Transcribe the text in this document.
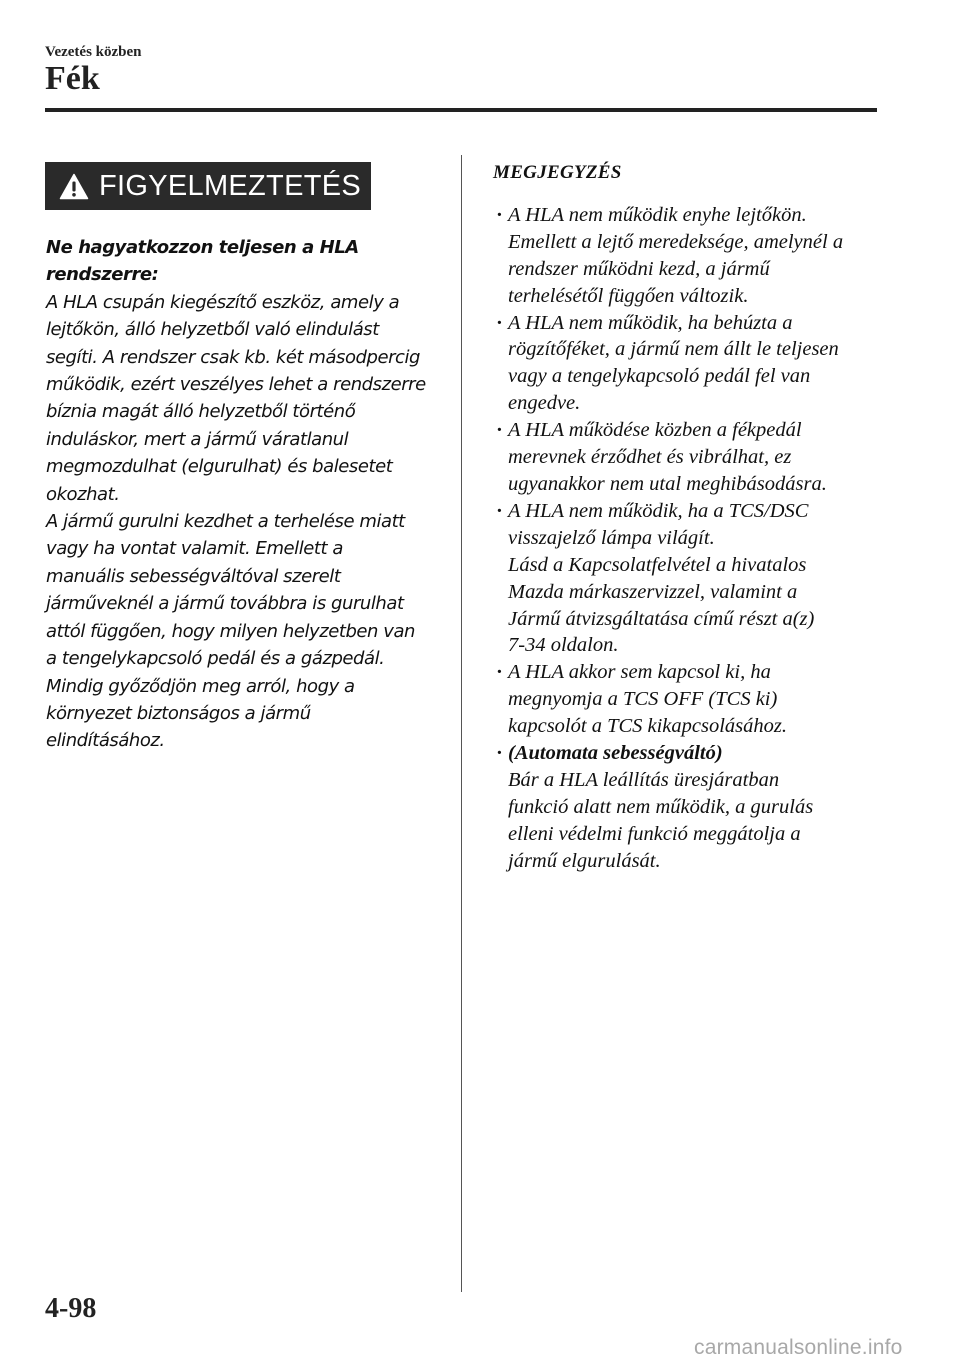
Vezetés közben
Fék
FIGYELMEZTETÉS

Ne hagyatkozzon teljesen a HLA
rendszerre:

A HLA csupán kiegészítő eszköz, amely a
lejtőkön, álló helyzetből való elindulást
segíti. A rendszer csak kb. két másodpercig
működik, ezért veszélyes lehet a rendszerre
bíznia magát álló helyzetből történő
induláskor, mert a jármű váratlanul
megmozdulhat (elgurulhat) és balesetet
okozhat.

A jármű gurulni kezdhet a terhelése miatt
vagy ha vontat valamit. Emellett a
manuális sebességváltóval szerelt
járműveknél a jármű továbbra is gurulhat
attól függően, hogy milyen helyzetben van
a tengelykapcsoló pedál és a gázpedál.
Mindig győződjön meg arról, hogy a
környezet biztonságos a jármű
elindításához.

MEGJEGYZÉS
· A HLA nem működik enyhe lejtőkön.
Emellett a lejtő meredeksége, amelynél a
rendszer működni kezd, a jármű
terhelésétől függően változik.
· A HLA nem működik, ha behúzta a
rögzítőféket, a jármű nem állt le teljesen
vagy a tengelykapcsoló pedál fel van
engedve.
· A HLA működése közben a fékpedál
merevnek érződhet és vibrálhat, ez
ugyanakkor nem utal meghibásodásra.
· A HLA nem működik, ha a TCS/DSC
visszajelző lámpa világít.
Lásd a Kapcsolatfelvétel a hivatalos
Mazda márkaszervizzel, valamint a
Jármű átvizsgáltatása című részt a(z)
7-34 oldalon.
· A HLA akkor sem kapcsol ki, ha
megnyomja a TCS OFF (TCS ki)
kapcsolót a TCS kikapcsolásához.
· (Automata sebességváltó)
Bár a HLA leállítás üresjáratban
funkció alatt nem működik, a gurulás
elleni védelmi funkció meggátolja a
jármű elgurulását.
4-98
carmanualsonline.info
